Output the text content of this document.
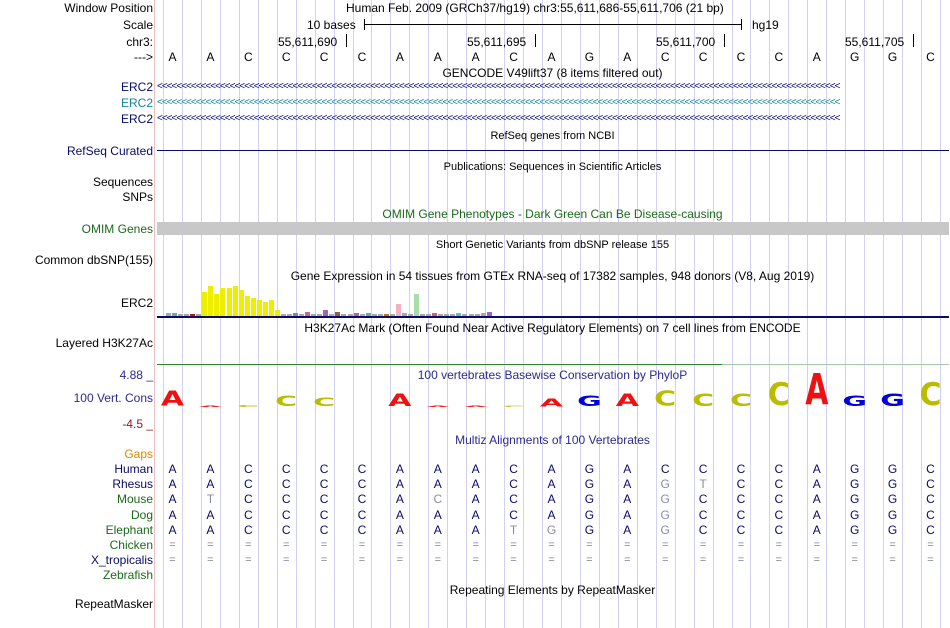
Window Position
Scale
chr3:
--->
Human Feb. 2009 (GRCh37/hg19) chr3:55,611,686-55,611,706 (21 bp)
10 bases	hg19
55,611,690	55,611,695	55,611,700	55,611,705
A	A	C	C	C	C	A	A	A	C	A	G	A	C	C	C	C	A	G	G	C
GENCODE V49lift37 (8 items filtered out)
ERC2 <<<<<<<<<<<<<<<<<<<<<<<<<<<<<<<<<<<<<<<<<<<<<<<<<<<<<<<<<<<<<<<<<<<<<<<<<<<<<<<<<<<<<<<<<<<<<<<<<<<<<<<<<<<<<<<<<<<<<<<<<<<<<<<<<<<<<<<<<<<<<
ERC2 <<<<<<<<<<<<<<<<<<<<<<<<<<<<<<<<<<<<<<<<<<<<<<<<<<<<<<<<<<<<<<<<<<<<<<<<<<<<<<<<<<<<<<<<<<<<<<<<<<<<<<<<<<<<<<<<<<<<<<<<<<<<<<<<<<<<<<<<<<<<<
ERC2 <<<<<<<<<<<<<<<<<<<<<<<<<<<<<<<<<<<<<<<<<<<<<<<<<<<<<<<<<<<<<<<<<<<<<<<<<<<<<<<<<<<<<<<<<<<<<<<<<<<<<<<<<<<<<<<<<<<<<<<<<<<<<<<<<<<<<<<<<<<<<
RefSeq genes from NCBI
RefSeq Curated
Publications: Sequences in Scientific Articles
Sequences
SNPs
OMIM Gene Phenotypes - Dark Green Can Be Disease-causing
OMIM Genes
Short Genetic Variants from dbSNP release 155
Common dbSNP(155)
Gene Expression in 54 tissues from GTEx RNA-seq of 17382 samples, 948 donors (V8, Aug 2019)
ERC2
H3K27Ac Mark (Often Found Near Active Regulatory Elements) on 7 cell lines from ENCODE
Layered H3K27Ac
4.88 _	100 vertebrates Basewise Conservation by PhyloP
100 Vert. Cons
-4.5 _
A A C C C A A A C A G A C C C C A G G C
Multiz Alignments of 100 Vertebrates
Gaps
Human	A	A	C	C	C	C	A	A	A	C	A	G	A	C	C	C	C	A	G	G	C
Rhesus	A	A	C	C	C	C	A	A	A	C	A	G	A	G	T	C	C	A	G	G	C
Mouse	A	T	C	C	C	C	A	C	A	C	A	G	A	G	C	C	C	A	G	G	C
Dog	A	A	C	C	C	C	A	A	A	C	A	G	A	G	C	C	C	A	G	G	C
Elephant	A	A	C	C	C	C	A	A	A	T	G	G	A	G	C	C	C	A	G	G	C
Chicken	=	=	=	=	=	=	=	=	=	=	=	=	=	=	=	=	=	=	=	=	=
X_tropicalis	=	=	=	=	=	=	=	=	=	=	=	=	=	=	=	=	=	=	=	=	=
Zebrafish
Repeating Elements by RepeatMasker
RepeatMasker
